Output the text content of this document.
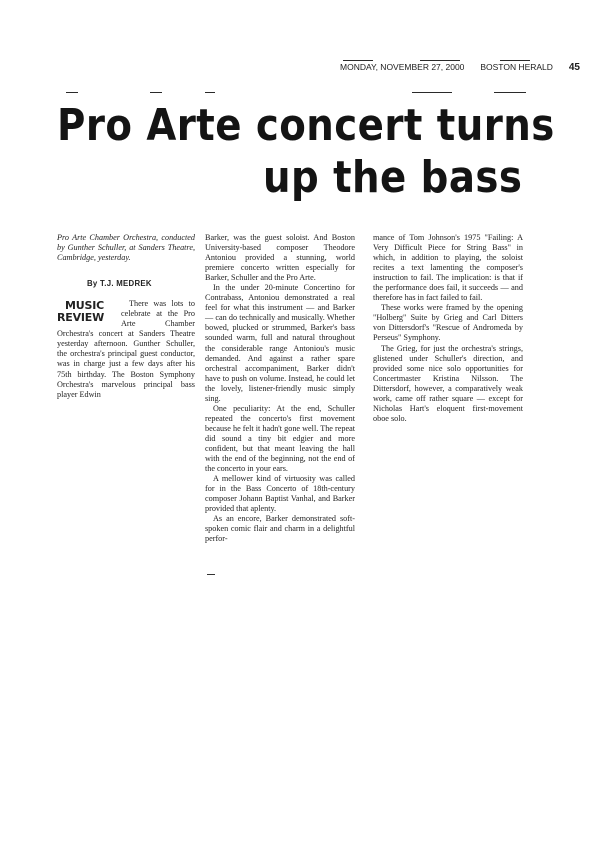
MONDAY, NOVEMBER 27, 2000 BOSTON HERALD 45
Pro Arte concert turns
up the bass

Pro Arte Chamber Orchestra, conducted by Gunther Schuller, at Sanders Theatre, Cambridge, yesterday.

By T.J. MEDREK

MUSIC
REVIEW
There was lots to celebrate at the Pro Arte Chamber Orchestra's concert at Sanders Theatre yesterday afternoon. Gunther Schuller, the orchestra's principal guest conductor, was in charge just a few days after his 75th birthday. The Boston Symphony Orchestra's marvelous principal bass player Edwin

Barker, was the guest soloist. And Boston University-based composer Theodore Antoniou provided a stunning, world premiere concerto written especially for Barker, Schuller and the Pro Arte.

In the under 20-minute Concertino for Contrabass, Antoniou demonstrated a real feel for what this instrument — and Barker — can do technically and musically. Whether bowed, plucked or strummed, Barker's bass sounded warm, full and natural throughout the considerable range Antoniou's music demanded. And against a rather spare orchestral accompaniment, Barker didn't have to push on volume. Instead, he could let the lovely, listener-friendly music simply sing.

One peculiarity: At the end, Schuller repeated the concerto's first movement because he felt it hadn't gone well. The repeat did sound a tiny bit edgier and more confident, but that meant leaving the hall with the end of the beginning, not the end of the concerto in your ears.

A mellower kind of virtuosity was called for in the Bass Concerto of 18th-century composer Johann Baptist Vanhal, and Barker provided that aplenty.

As an encore, Barker demonstrated soft-spoken comic flair and charm in a delightful perfor-

mance of Tom Johnson's 1975 "Failing: A Very Difficult Piece for String Bass" in which, in addition to playing, the soloist recites a text lamenting the composer's instruction to fail. The implication: is that if the performance does fail, it succeeds — and therefore has in fact failed to fail.

These works were framed by the opening "Holberg" Suite by Grieg and Carl Ditters von Dittersdorf's "Rescue of Andromeda by Perseus" Symphony.

The Grieg, for just the orchestra's strings, glistened under Schuller's direction, and provided some nice solo opportunities for Concertmaster Kristina Nilsson. The Dittersdorf, however, a comparatively weak work, came off rather square — except for Nicholas Hart's eloquent first-movement oboe solo.
